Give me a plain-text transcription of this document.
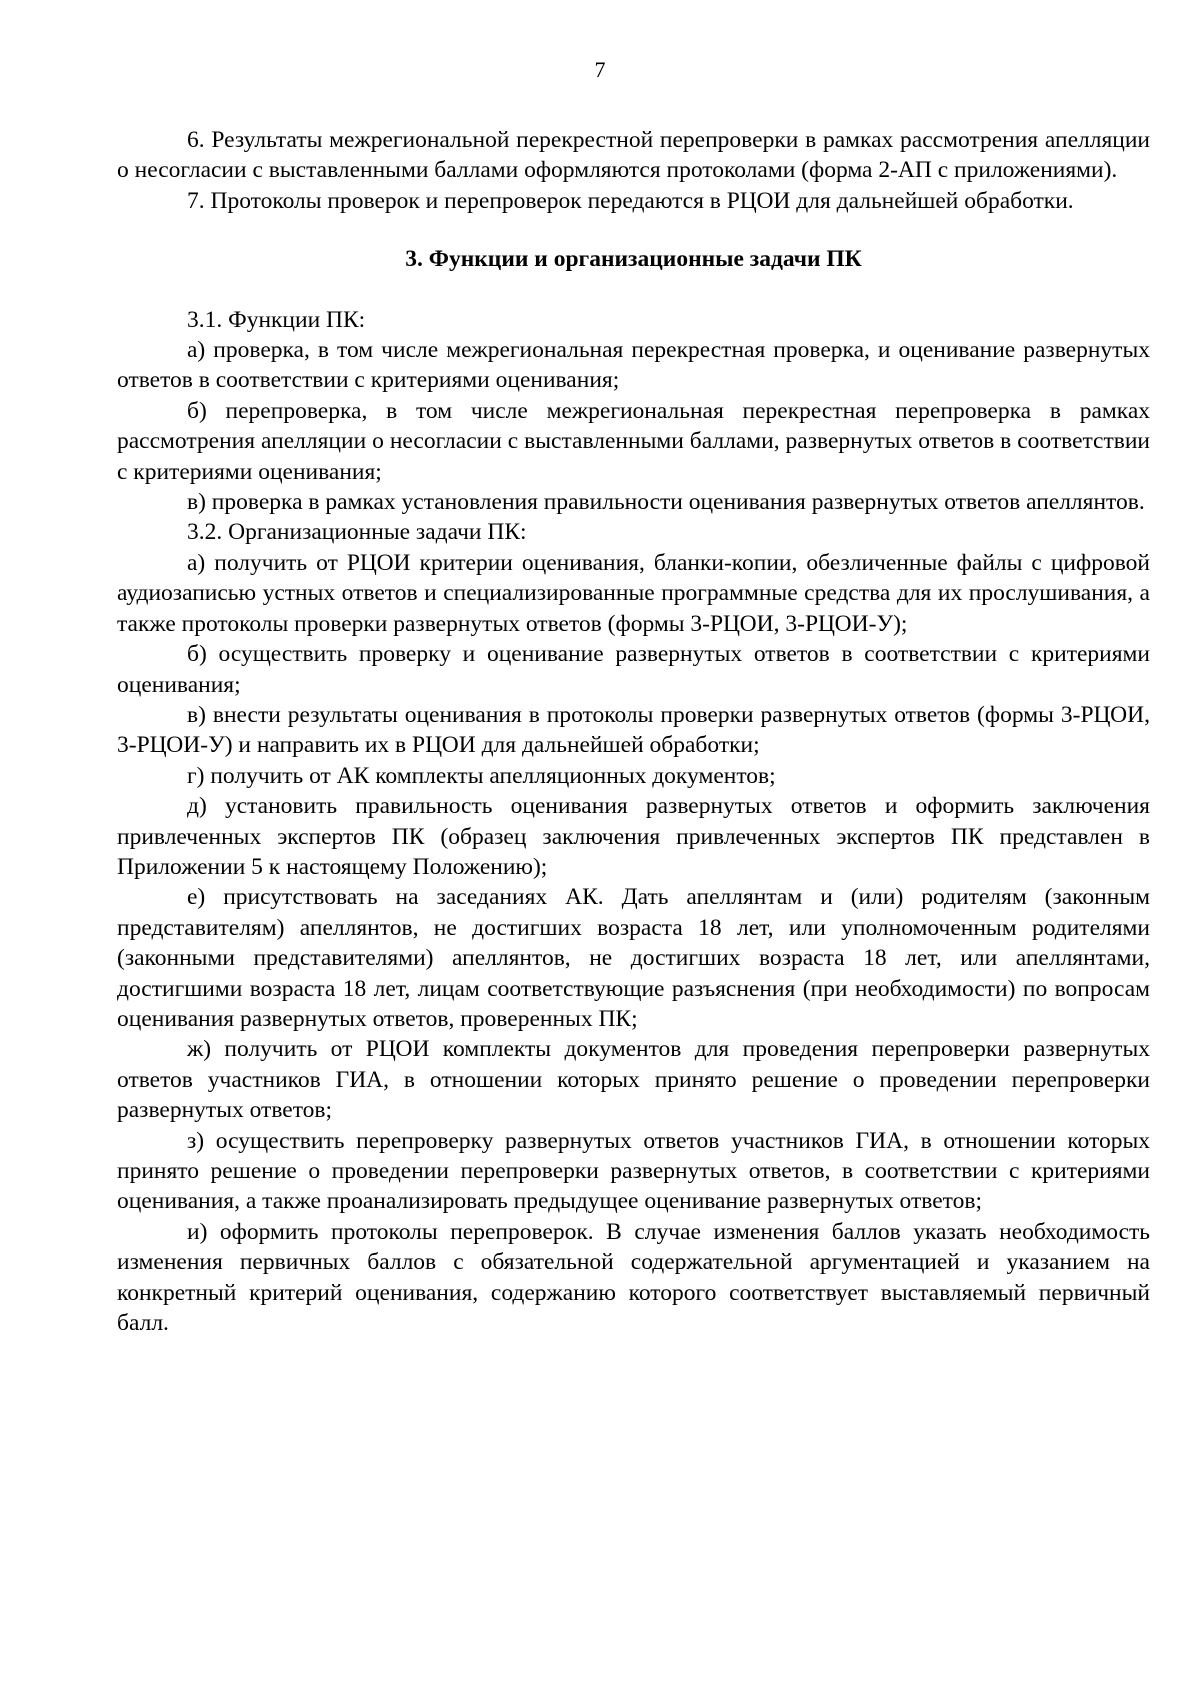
7

6. Результаты межрегиональной перекрестной перепроверки в рамках рассмотрения апелляции о несогласии с выставленными баллами оформляются протоколами (форма 2-АП с приложениями).

7. Протоколы проверок и перепроверок передаются в РЦОИ для дальнейшей обработки.

3. Функции и организационные задачи ПК

3.1. Функции ПК:

а) проверка, в том числе межрегиональная перекрестная проверка, и оценивание развернутых ответов в соответствии с критериями оценивания;

б) перепроверка, в том числе межрегиональная перекрестная перепроверка в рамках рассмотрения апелляции о несогласии с выставленными баллами, развернутых ответов в соответствии с критериями оценивания;

в) проверка в рамках установления правильности оценивания развернутых ответов апеллянтов.

3.2. Организационные задачи ПК:

а) получить от РЦОИ критерии оценивания, бланки-копии, обезличенные файлы с цифровой аудиозаписью устных ответов и специализированные программные средства для их прослушивания, а также протоколы проверки развернутых ответов (формы 3-РЦОИ, 3-РЦОИ-У);

б) осуществить проверку и оценивание развернутых ответов в соответствии с критериями оценивания;

в) внести результаты оценивания в протоколы проверки развернутых ответов (формы 3-РЦОИ, 3-РЦОИ-У) и направить их в РЦОИ для дальнейшей обработки;

г) получить от АК комплекты апелляционных документов;

д) установить правильность оценивания развернутых ответов и оформить заключения привлеченных экспертов ПК (образец заключения привлеченных экспертов ПК представлен в Приложении 5 к настоящему Положению);

е) присутствовать на заседаниях АК. Дать апеллянтам и (или) родителям (законным представителям) апеллянтов, не достигших возраста 18 лет, или уполномоченным родителями (законными представителями) апеллянтов, не достигших возраста 18 лет, или апеллянтами, достигшими возраста 18 лет, лицам соответствующие разъяснения (при необходимости) по вопросам оценивания развернутых ответов, проверенных ПК;

ж) получить от РЦОИ комплекты документов для проведения перепроверки развернутых ответов участников ГИА, в отношении которых принято решение о проведении перепроверки развернутых ответов;

з) осуществить перепроверку развернутых ответов участников ГИА, в отношении которых принято решение о проведении перепроверки развернутых ответов, в соответствии с критериями оценивания, а также проанализировать предыдущее оценивание развернутых ответов;

и) оформить протоколы перепроверок. В случае изменения баллов указать необходимость изменения первичных баллов с обязательной содержательной аргументацией и указанием на конкретный критерий оценивания, содержанию которого соответствует выставляемый первичный балл.
